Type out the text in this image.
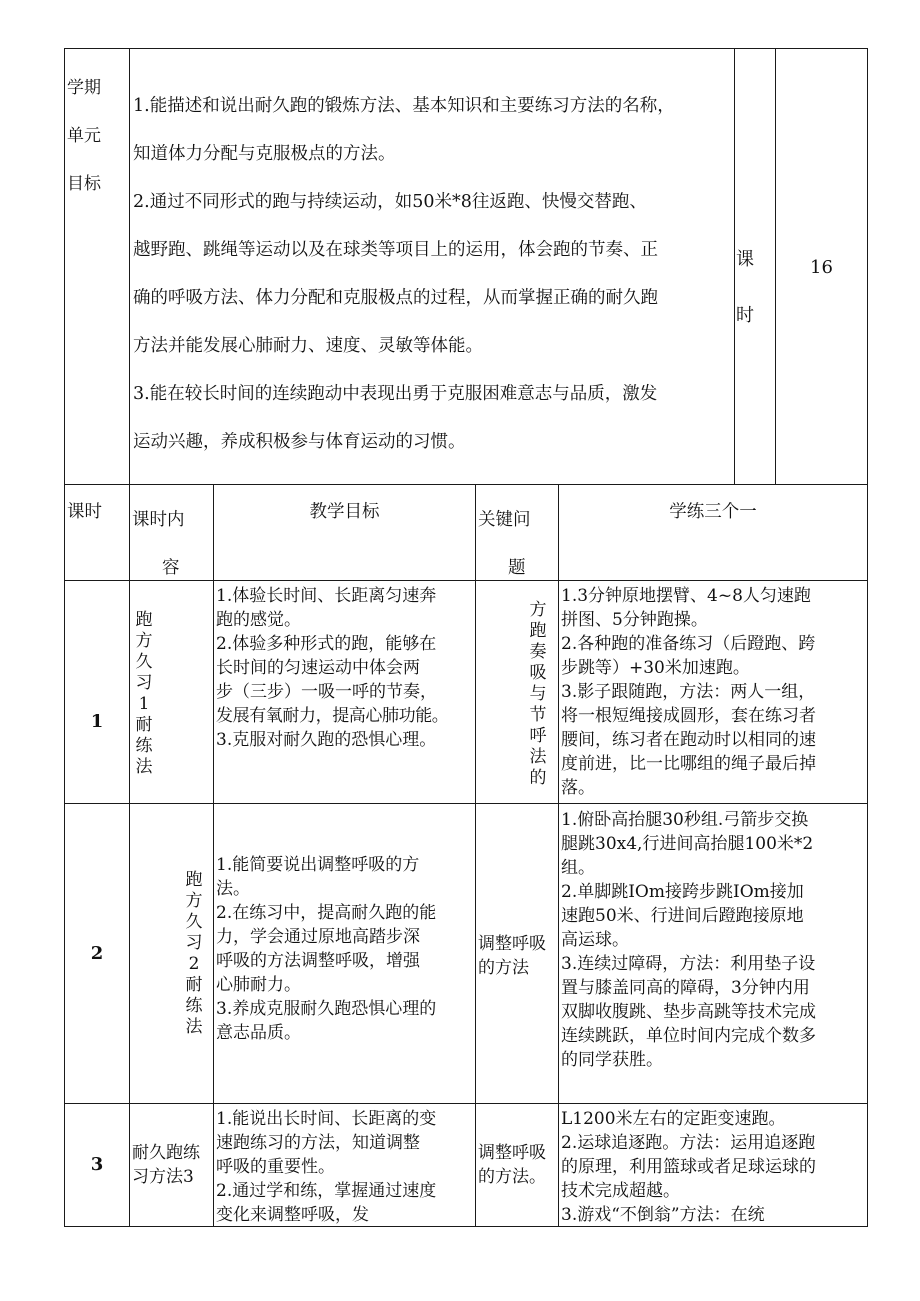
学期

单元

目标

1.能描述和说出耐久跑的锻炼方法、基本知识和主要练习方法的名称，

知道体力分配与克服极点的方法。

2.通过不同形式的跑与持续运动，如50米*8往返跑、快慢交替跑、

越野跑、跳绳等运动以及在球类等项目上的运用，体会跑的节奏、正

确的呼吸方法、体力分配和克服极点的过程，从而掌握正确的耐久跑

方法并能发展心肺耐力、速度、灵敏等体能。

3.能在较长时间的连续跑动中表现出勇于克服困难意志与品质，激发

运动兴趣，养成积极参与体育运动的习惯。

课

时

16
课时	课时内

容

教学目标	关键问

题

学练三个一
1
跑
方
久
习
1
耐
练
法

1.体验长时间、长距离匀速奔

跑的感觉。

2.体验多种形式的跑，能够在

长时间的匀速运动中体会两

步（三步）一吸一呼的节奏，

发展有氧耐力，提高心肺功能。

3.克服对耐久跑的恐惧心理。

方
跑
奏
吸
与
节
呼
法
的

1.3分钟原地摆臂、4~8人匀速跑

拼图、5分钟跑操。

2.各种跑的准备练习（后蹬跑、跨

步跳等）+30米加速跑。

3.影子跟随跑，方法：两人一组，

将一根短绳接成圆形，套在练习者

腰间，练习者在跑动时以相同的速

度前进，比一比哪组的绳子最后掉

落。

2
跑
方
久
习
2
耐
练
法

1.能简要说出调整呼吸的方

法。

2.在练习中，提高耐久跑的能

力，学会通过原地高踏步深

呼吸的方法调整呼吸，增强

心肺耐力。

3.养成克服耐久跑恐惧心理的

意志品质。

调整呼吸

的方法

1.俯卧高抬腿30秒组.弓箭步交换

腿跳30x4,行进间高抬腿100米*2

组。

2.单脚跳IOm接跨步跳IOm接加

速跑50米、行进间后蹬跑接原地

高运球。

3.连续过障碍，方法：利用垫子设

置与膝盖同高的障碍，3分钟内用

双脚收腹跳、垫步高跳等技术完成

连续跳跃，单位时间内完成个数多

的同学获胜。

3

耐久跑练

习方法3

1.能说出长时间、长距离的变

速跑练习的方法，知道调整

呼吸的重要性。

2.通过学和练，掌握通过速度

变化来调整呼吸，发

调整呼吸

的方法。

L1200米左右的定距变速跑。

2.运球追逐跑。方法：运用追逐跑

的原理，利用篮球或者足球运球的

技术完成超越。

3.游戏“不倒翁”方法：在统
